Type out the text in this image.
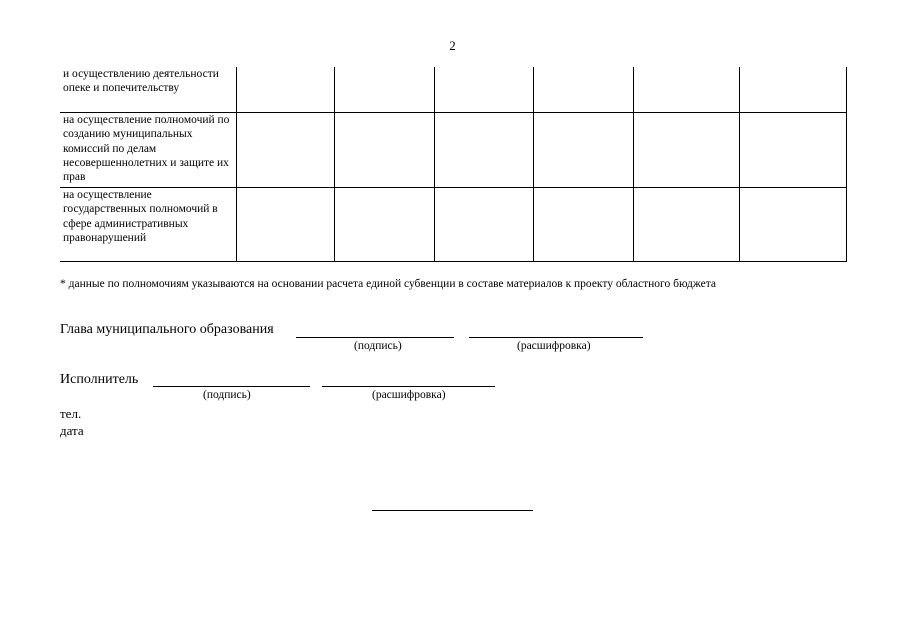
2
и осуществлению деятельности опеке и попечительству						
на осуществление полномочий по созданию муниципальных комиссий по делам несовершеннолетних и защите их прав						
на осуществление государственных полномочий в сфере административных правонарушений						
* данные по полномочиям указываются на основании расчета единой субвенции в составе материалов к проекту областного бюджета
Глава муниципального образования
(подпись)	(расшифровка)
Исполнитель
(подпись)	(расшифровка)
тел.
дата
